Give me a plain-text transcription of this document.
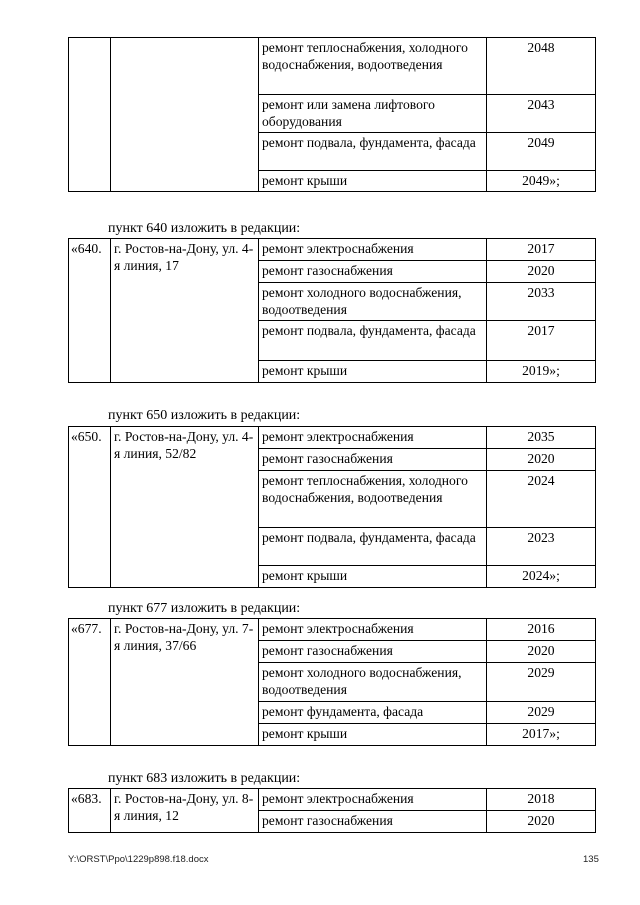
		ремонт теплоснабжения, холодного водоснабжения, водоотведения	2048
		ремонт или замена лифтового оборудования	2043
		ремонт подвала, фундамента, фасада	2049
		ремонт крыши	2049»;
пункт 640 изложить в редакции:
«640.	г. Ростов-на-Дону, ул. 4-я линия, 17	ремонт электроснабжения	2017
		ремонт газоснабжения	2020
		ремонт холодного водоснабжения, водоотведения	2033
		ремонт подвала, фундамента, фасада	2017
		ремонт крыши	2019»;
пункт 650 изложить в редакции:
«650.	г. Ростов-на-Дону, ул. 4-я линия, 52/82	ремонт электроснабжения	2035
		ремонт газоснабжения	2020
		ремонт теплоснабжения, холодного водоснабжения, водоотведения	2024
		ремонт подвала, фундамента, фасада	2023
		ремонт крыши	2024»;
пункт 677 изложить в редакции:
«677.	г. Ростов-на-Дону, ул. 7-я линия, 37/66	ремонт электроснабжения	2016
		ремонт газоснабжения	2020
		ремонт холодного водоснабжения, водоотведения	2029
		ремонт фундамента, фасада	2029
		ремонт крыши	2017»;
пункт 683 изложить в редакции:
«683.	г. Ростов-на-Дону, ул. 8-я линия, 12	ремонт электроснабжения	2018
		ремонт газоснабжения	2020
Y:\ORST\Ppo\1229p898.f18.docx	135
